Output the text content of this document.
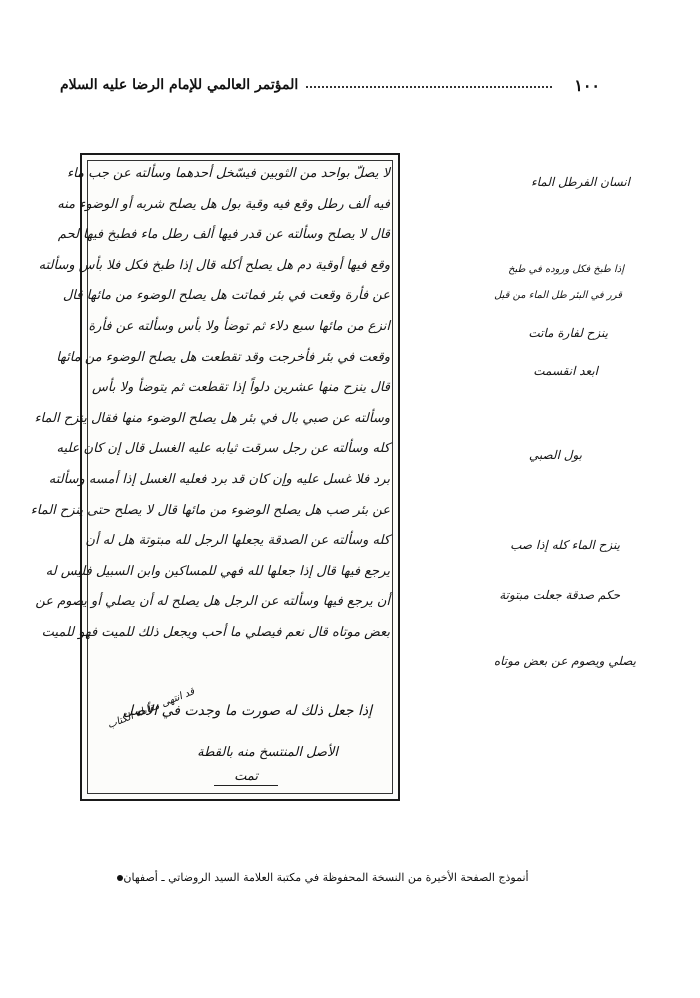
١٠٠
المؤتمر العالمي للإمام الرضا عليه السلام
لا يصلّ بواحد من الثوبين فيسّخل أحدهما وسألته عن جب ماء
فيه ألف رطل وقع فيه وقية بول هل يصلح شربه أو الوضوء منه
قال لا يصلح وسألته عن قدر فيها ألف رطل ماء فطبخ فيها لحم
وقع فيها أوقية دم هل يصلح أكله قال إذا طبخ فكل فلا بأس وسألته
عن فأرة وقعت في بئر فماتت هل يصلح الوضوء من مائها قال
انزع من مائها سبع دلاء ثم توضأ ولا بأس وسألته عن فأرة
وقعت في بئر فأخرجت وقد تقطعت هل يصلح الوضوء من مائها
قال ينزح منها عشرين دلواً إذا تقطعت ثم يتوضأ ولا بأس
وسألته عن صبي بال في بئر هل يصلح الوضوء منها فقال ينزح الماء
كله وسألته عن رجل سرقت ثيابه عليه الغسل قال إن كان عليه
برد فلا غسل عليه وإن كان قد برد فعليه الغسل إذا أمسه وسألته
عن بئر صب هل يصلح الوضوء من مائها قال لا يصلح حتى ينزح الماء
كله وسألته عن الصدقة يجعلها الرجل لله مبتوتة هل له أن
يرجع فيها قال إذا جعلها لله فهي للمساكين وابن السبيل فليس له
أن يرجع فيها وسألته عن الرجل هل يصلح له أن يصلي أو يصوم عن
بعض موتاه قال نعم فيصلي ما أحب ويجعل ذلك للميت فهو للميت
إذا جعل ذلك له صورت ما وجدت في الأصل
قد انتهى مقابلة الكتاب
الأصل المنتسخ منه بالقطة
تمت
انسان الفرطل الماء
إذا طبخ فكل وروده في طبخ
قرر في البئر طل الماء من قبل
ينزح لفارة ماتت
ابعد انقسمت
بول الصبي
ينزح الماء كله إذا صب
حكم صدقة جعلت مبتوتة
يصلي ويصوم عن بعض موتاه
أنموذج الصفحة الأخيرة من النسخة المحفوظة في مكتبة العلامة السيد الروضاتي ـ أصفهان
